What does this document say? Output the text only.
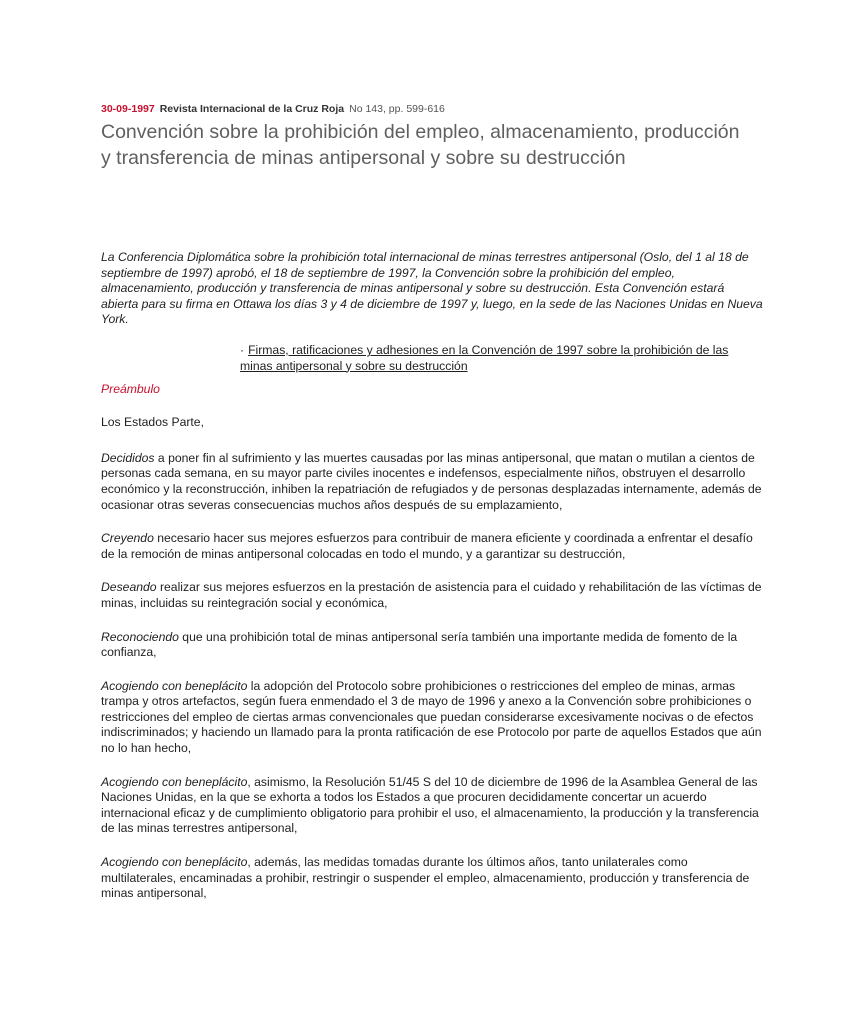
30-09-1997 Revista Internacional de la Cruz Roja No 143, pp. 599-616
Convención sobre la prohibición del empleo, almacenamiento, producción y transferencia de minas antipersonal y sobre su destrucción
La Conferencia Diplomática sobre la prohibición total internacional de minas terrestres antipersonal (Oslo, del 1 al 18 de septiembre de 1997) aprobó, el 18 de septiembre de 1997, la Convención sobre la prohibición del empleo, almacenamiento, producción y transferencia de minas antipersonal y sobre su destrucción. Esta Convención estará abierta para su firma en Ottawa los días 3 y 4 de diciembre de 1997 y, luego, en la sede de las Naciones Unidas en Nueva York.
· Firmas, ratificaciones y adhesiones en la Convención de 1997 sobre la prohibición de las minas antipersonal y sobre su destrucción
Preámbulo
Los Estados Parte,
Decididos a poner fin al sufrimiento y las muertes causadas por las minas antipersonal, que matan o mutilan a cientos de personas cada semana, en su mayor parte civiles inocentes e indefensos, especialmente niños, obstruyen el desarrollo económico y la reconstrucción, inhiben la repatriación de refugiados y de personas desplazadas internamente, además de ocasionar otras severas consecuencias muchos años después de su emplazamiento,
Creyendo necesario hacer sus mejores esfuerzos para contribuir de manera eficiente y coordinada a enfrentar el desafío de la remoción de minas antipersonal colocadas en todo el mundo, y a garantizar su destrucción,
Deseando realizar sus mejores esfuerzos en la prestación de asistencia para el cuidado y rehabilitación de las víctimas de minas, incluidas su reintegración social y económica,
Reconociendo que una prohibición total de minas antipersonal sería también una importante medida de fomento de la confianza,
Acogiendo con beneplácito la adopción del Protocolo sobre prohibiciones o restricciones del empleo de minas, armas trampa y otros artefactos, según fuera enmendado el 3 de mayo de 1996 y anexo a la Convención sobre prohibiciones o restricciones del empleo de ciertas armas convencionales que puedan considerarse excesivamente nocivas o de efectos indiscriminados; y haciendo un llamado para la pronta ratificación de ese Protocolo por parte de aquellos Estados que aún no lo han hecho,
Acogiendo con beneplácito, asimismo, la Resolución 51/45 S del 10 de diciembre de 1996 de la Asamblea General de las Naciones Unidas, en la que se exhorta a todos los Estados a que procuren decididamente concertar un acuerdo internacional eficaz y de cumplimiento obligatorio para prohibir el uso, el almacenamiento, la producción y la transferencia de las minas terrestres antipersonal,
Acogiendo con beneplácito, además, las medidas tomadas durante los últimos años, tanto unilaterales como multilaterales, encaminadas a prohibir, restringir o suspender el empleo, almacenamiento, producción y transferencia de minas antipersonal,
